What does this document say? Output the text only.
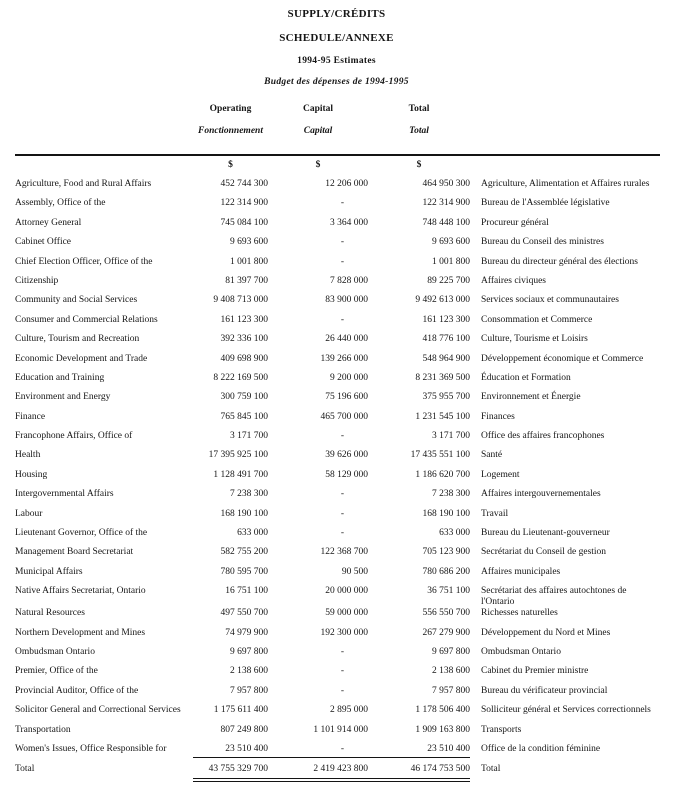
SUPPLY/CRÉDITS
SCHEDULE/ANNEXE
1994-95 Estimates
Budget des dépenses de 1994-1995
Operating	Capital	Total
Fonctionnement	Capital	Total
$	$	$
Agriculture, Food and Rural Affairs	452 744 300	12 206 000	464 950 300	Agriculture, Alimentation et Affaires rurales
Assembly, Office of the	122 314 900	-	122 314 900	Bureau de l'Assemblée législative
Attorney General	745 084 100	3 364 000	748 448 100	Procureur général
Cabinet Office	9 693 600	-	9 693 600	Bureau du Conseil des ministres
Chief Election Officer, Office of the	1 001 800	-	1 001 800	Bureau du directeur général des élections
Citizenship	81 397 700	7 828 000	89 225 700	Affaires civiques
Community and Social Services	9 408 713 000	83 900 000	9 492 613 000	Services sociaux et communautaires
Consumer and Commercial Relations	161 123 300	-	161 123 300	Consommation et Commerce
Culture, Tourism and Recreation	392 336 100	26 440 000	418 776 100	Culture, Tourisme et Loisirs
Economic Development and Trade	409 698 900	139 266 000	548 964 900	Développement économique et Commerce
Education and Training	8 222 169 500	9 200 000	8 231 369 500	Éducation et Formation
Environment and Energy	300 759 100	75 196 600	375 955 700	Environnement et Énergie
Finance	765 845 100	465 700 000	1 231 545 100	Finances
Francophone Affairs, Office of	3 171 700	-	3 171 700	Office des affaires francophones
Health	17 395 925 100	39 626 000	17 435 551 100	Santé
Housing	1 128 491 700	58 129 000	1 186 620 700	Logement
Intergovernmental Affairs	7 238 300	-	7 238 300	Affaires intergouvernementales
Labour	168 190 100	-	168 190 100	Travail
Lieutenant Governor, Office of the	633 000	-	633 000	Bureau du Lieutenant-gouverneur
Management Board Secretariat	582 755 200	122 368 700	705 123 900	Secrétariat du Conseil de gestion
Municipal Affairs	780 595 700	90 500	780 686 200	Affaires municipales
Native Affairs Secretariat, Ontario	16 751 100	20 000 000	36 751 100	Secrétariat des affaires autochtones de l'Ontario
Natural Resources	497 550 700	59 000 000	556 550 700	Richesses naturelles
Northern Development and Mines	74 979 900	192 300 000	267 279 900	Développement du Nord et Mines
Ombudsman Ontario	9 697 800	-	9 697 800	Ombudsman Ontario
Premier, Office of the	2 138 600	-	2 138 600	Cabinet du Premier ministre
Provincial Auditor, Office of the	7 957 800	-	7 957 800	Bureau du vérificateur provincial
Solicitor General and Correctional Services	1 175 611 400	2 895 000	1 178 506 400	Solliciteur général et Services correctionnels
Transportation	807 249 800	1 101 914 000	1 909 163 800	Transports
Women's Issues, Office Responsible for	23 510 400	-	23 510 400	Office de la condition féminine
Total	43 755 329 700	2 419 423 800	46 174 753 500	Total
